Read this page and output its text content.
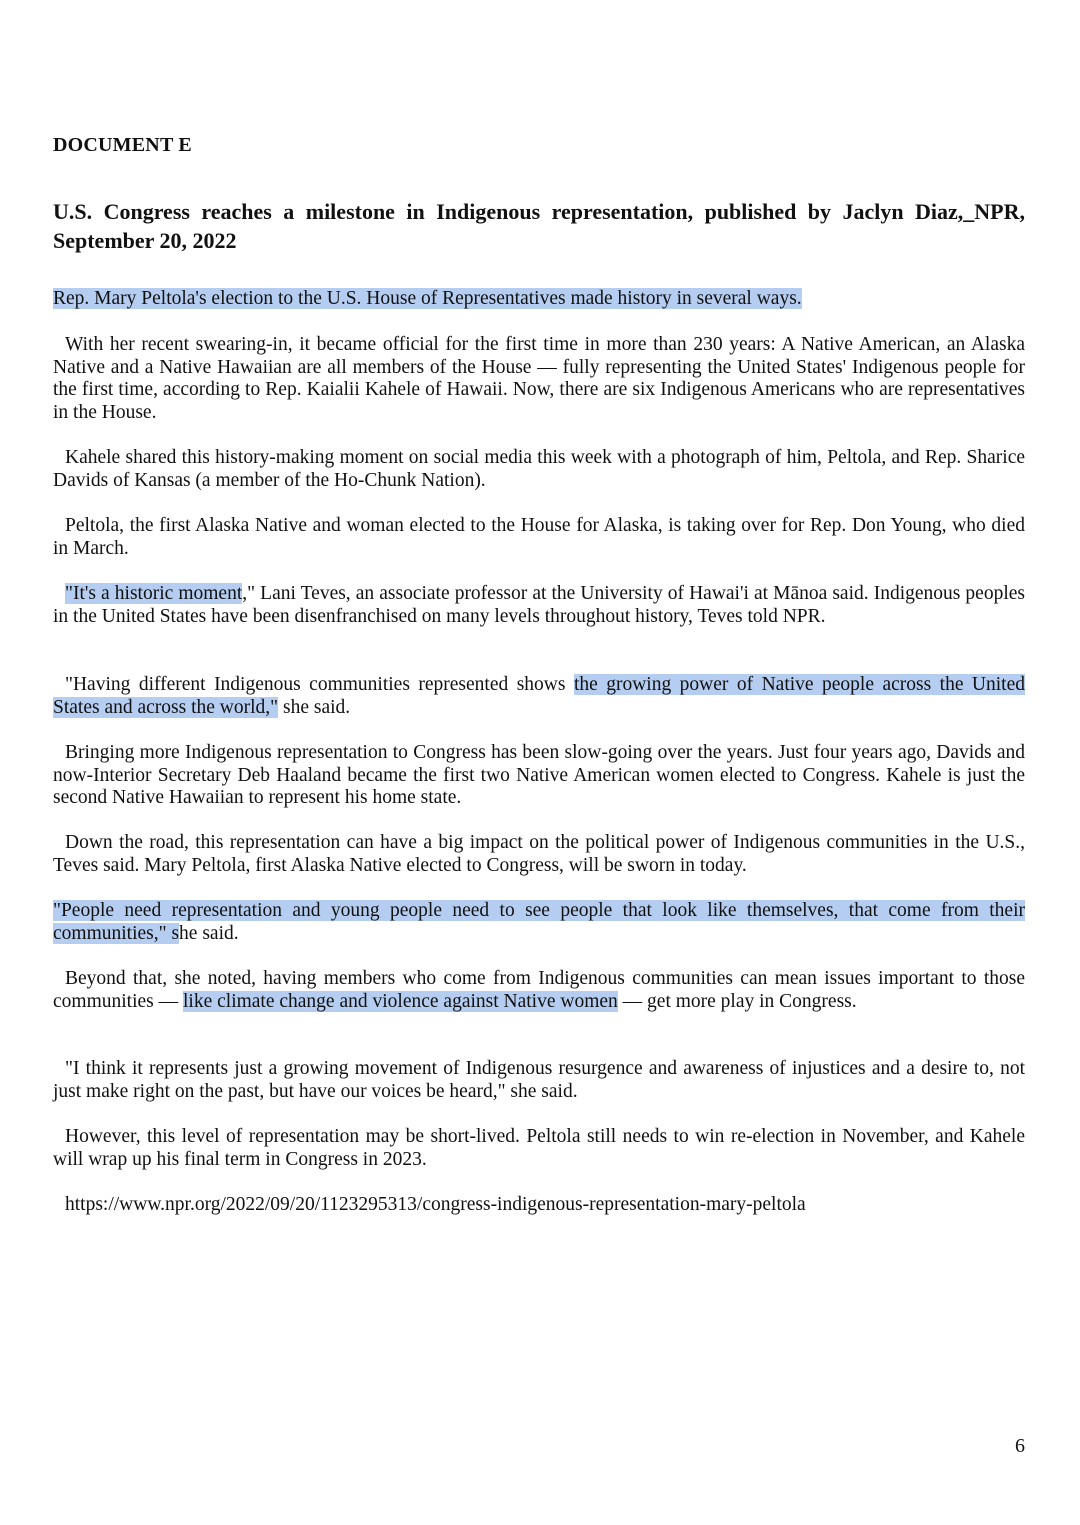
DOCUMENT E
U.S. Congress reaches a milestone in Indigenous representation, published by Jaclyn Diaz,_NPR, September 20, 2022
Rep. Mary Peltola's election to the U.S. House of Representatives made history in several ways.
With her recent swearing-in, it became official for the first time in more than 230 years: A Native American, an Alaska Native and a Native Hawaiian are all members of the House — fully representing the United States' Indigenous people for the first time, according to Rep. Kaialii Kahele of Hawaii. Now, there are six Indigenous Americans who are representatives in the House.
Kahele shared this history-making moment on social media this week with a photograph of him, Peltola, and Rep. Sharice Davids of Kansas (a member of the Ho-Chunk Nation).
Peltola, the first Alaska Native and woman elected to the House for Alaska, is taking over for Rep. Don Young, who died in March.
"It's a historic moment," Lani Teves, an associate professor at the University of Hawai'i at Mānoa said. Indigenous peoples in the United States have been disenfranchised on many levels throughout history, Teves told NPR.
"Having different Indigenous communities represented shows the growing power of Native people across the United States and across the world," she said.
Bringing more Indigenous representation to Congress has been slow-going over the years. Just four years ago, Davids and now-Interior Secretary Deb Haaland became the first two Native American women elected to Congress. Kahele is just the second Native Hawaiian to represent his home state.
Down the road, this representation can have a big impact on the political power of Indigenous communities in the U.S., Teves said. Mary Peltola, first Alaska Native elected to Congress, will be sworn in today.
"People need representation and young people need to see people that look like themselves, that come from their communities," she said.
Beyond that, she noted, having members who come from Indigenous communities can mean issues important to those communities — like climate change and violence against Native women — get more play in Congress.
"I think it represents just a growing movement of Indigenous resurgence and awareness of injustices and a desire to, not just make right on the past, but have our voices be heard," she said.
However, this level of representation may be short-lived. Peltola still needs to win re-election in November, and Kahele will wrap up his final term in Congress in 2023.
https://www.npr.org/2022/09/20/1123295313/congress-indigenous-representation-mary-peltola
6
